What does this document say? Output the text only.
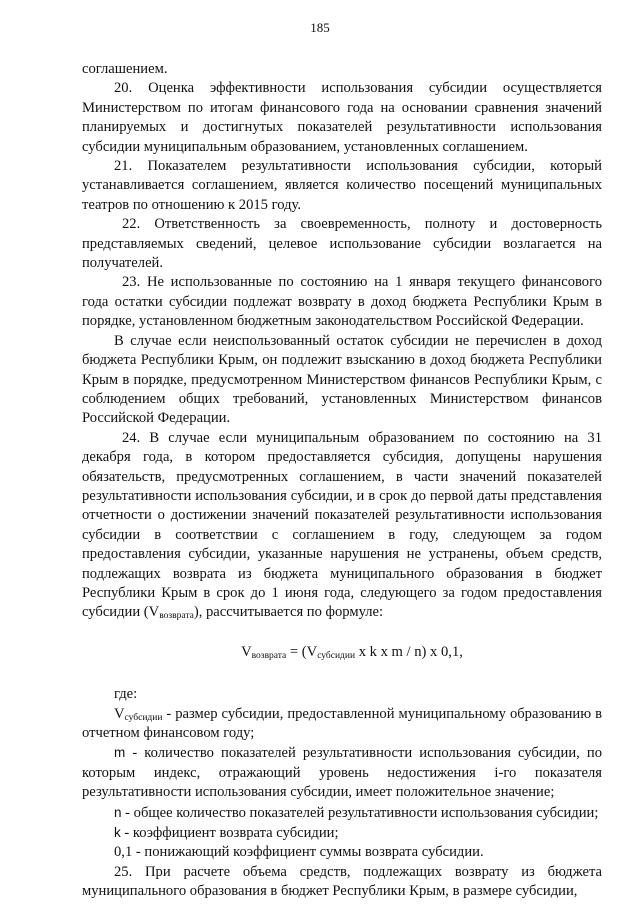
185

соглашением.

20. Оценка эффективности использования субсидии осуществляется Министерством по итогам финансового года на основании сравнения значений планируемых и достигнутых показателей результативности использования субсидии муниципальным образованием, установленных соглашением.

21. Показателем результативности использования субсидии, который устанавливается соглашением, является количество посещений муниципальных театров по отношению к 2015 году.

22. Ответственность за своевременность, полноту и достоверность представляемых сведений, целевое использование субсидии возлагается на получателей.

23. Не использованные по состоянию на 1 января текущего финансового года остатки субсидии подлежат возврату в доход бюджета Республики Крым в порядке, установленном бюджетным законодательством Российской Федерации.

В случае если неиспользованный остаток субсидии не перечислен в доход бюджета Республики Крым, он подлежит взысканию в доход бюджета Республики Крым в порядке, предусмотренном Министерством финансов Республики Крым, с соблюдением общих требований, установленных Министерством финансов Российской Федерации.

24. В случае если муниципальным образованием по состоянию на 31 декабря года, в котором предоставляется субсидия, допущены нарушения обязательств, предусмотренных соглашением, в части значений показателей результативности использования субсидии, и в срок до первой даты представления отчетности о достижении значений показателей результативности использования субсидии в соответствии с соглашением в году, следующем за годом предоставления субсидии, указанные нарушения не устранены, объем средств, подлежащих возврата из бюджета муниципального образования в бюджет Республики Крым в срок до 1 июня года, следующего за годом предоставления субсидии $(V_{возврата})$, рассчитывается по формуле:

$V_{возврата} = (V_{субсидии}$ x k x m / n) x 0,1,

где:

$V_{субсидии}$ - размер субсидии, предоставленной муниципальному образованию в отчетном финансовом году;

m - количество показателей результативности использования субсидии, по которым индекс, отражающий уровень недостижения i-го показателя результативности использования субсидии, имеет положительное значение;

n - общее количество показателей результативности использования субсидии;

k - коэффициент возврата субсидии;

0,1 - понижающий коэффициент суммы возврата субсидии.

25. При расчете объема средств, подлежащих возврату из бюджета муниципального образования в бюджет Республики Крым, в размере субсидии,
